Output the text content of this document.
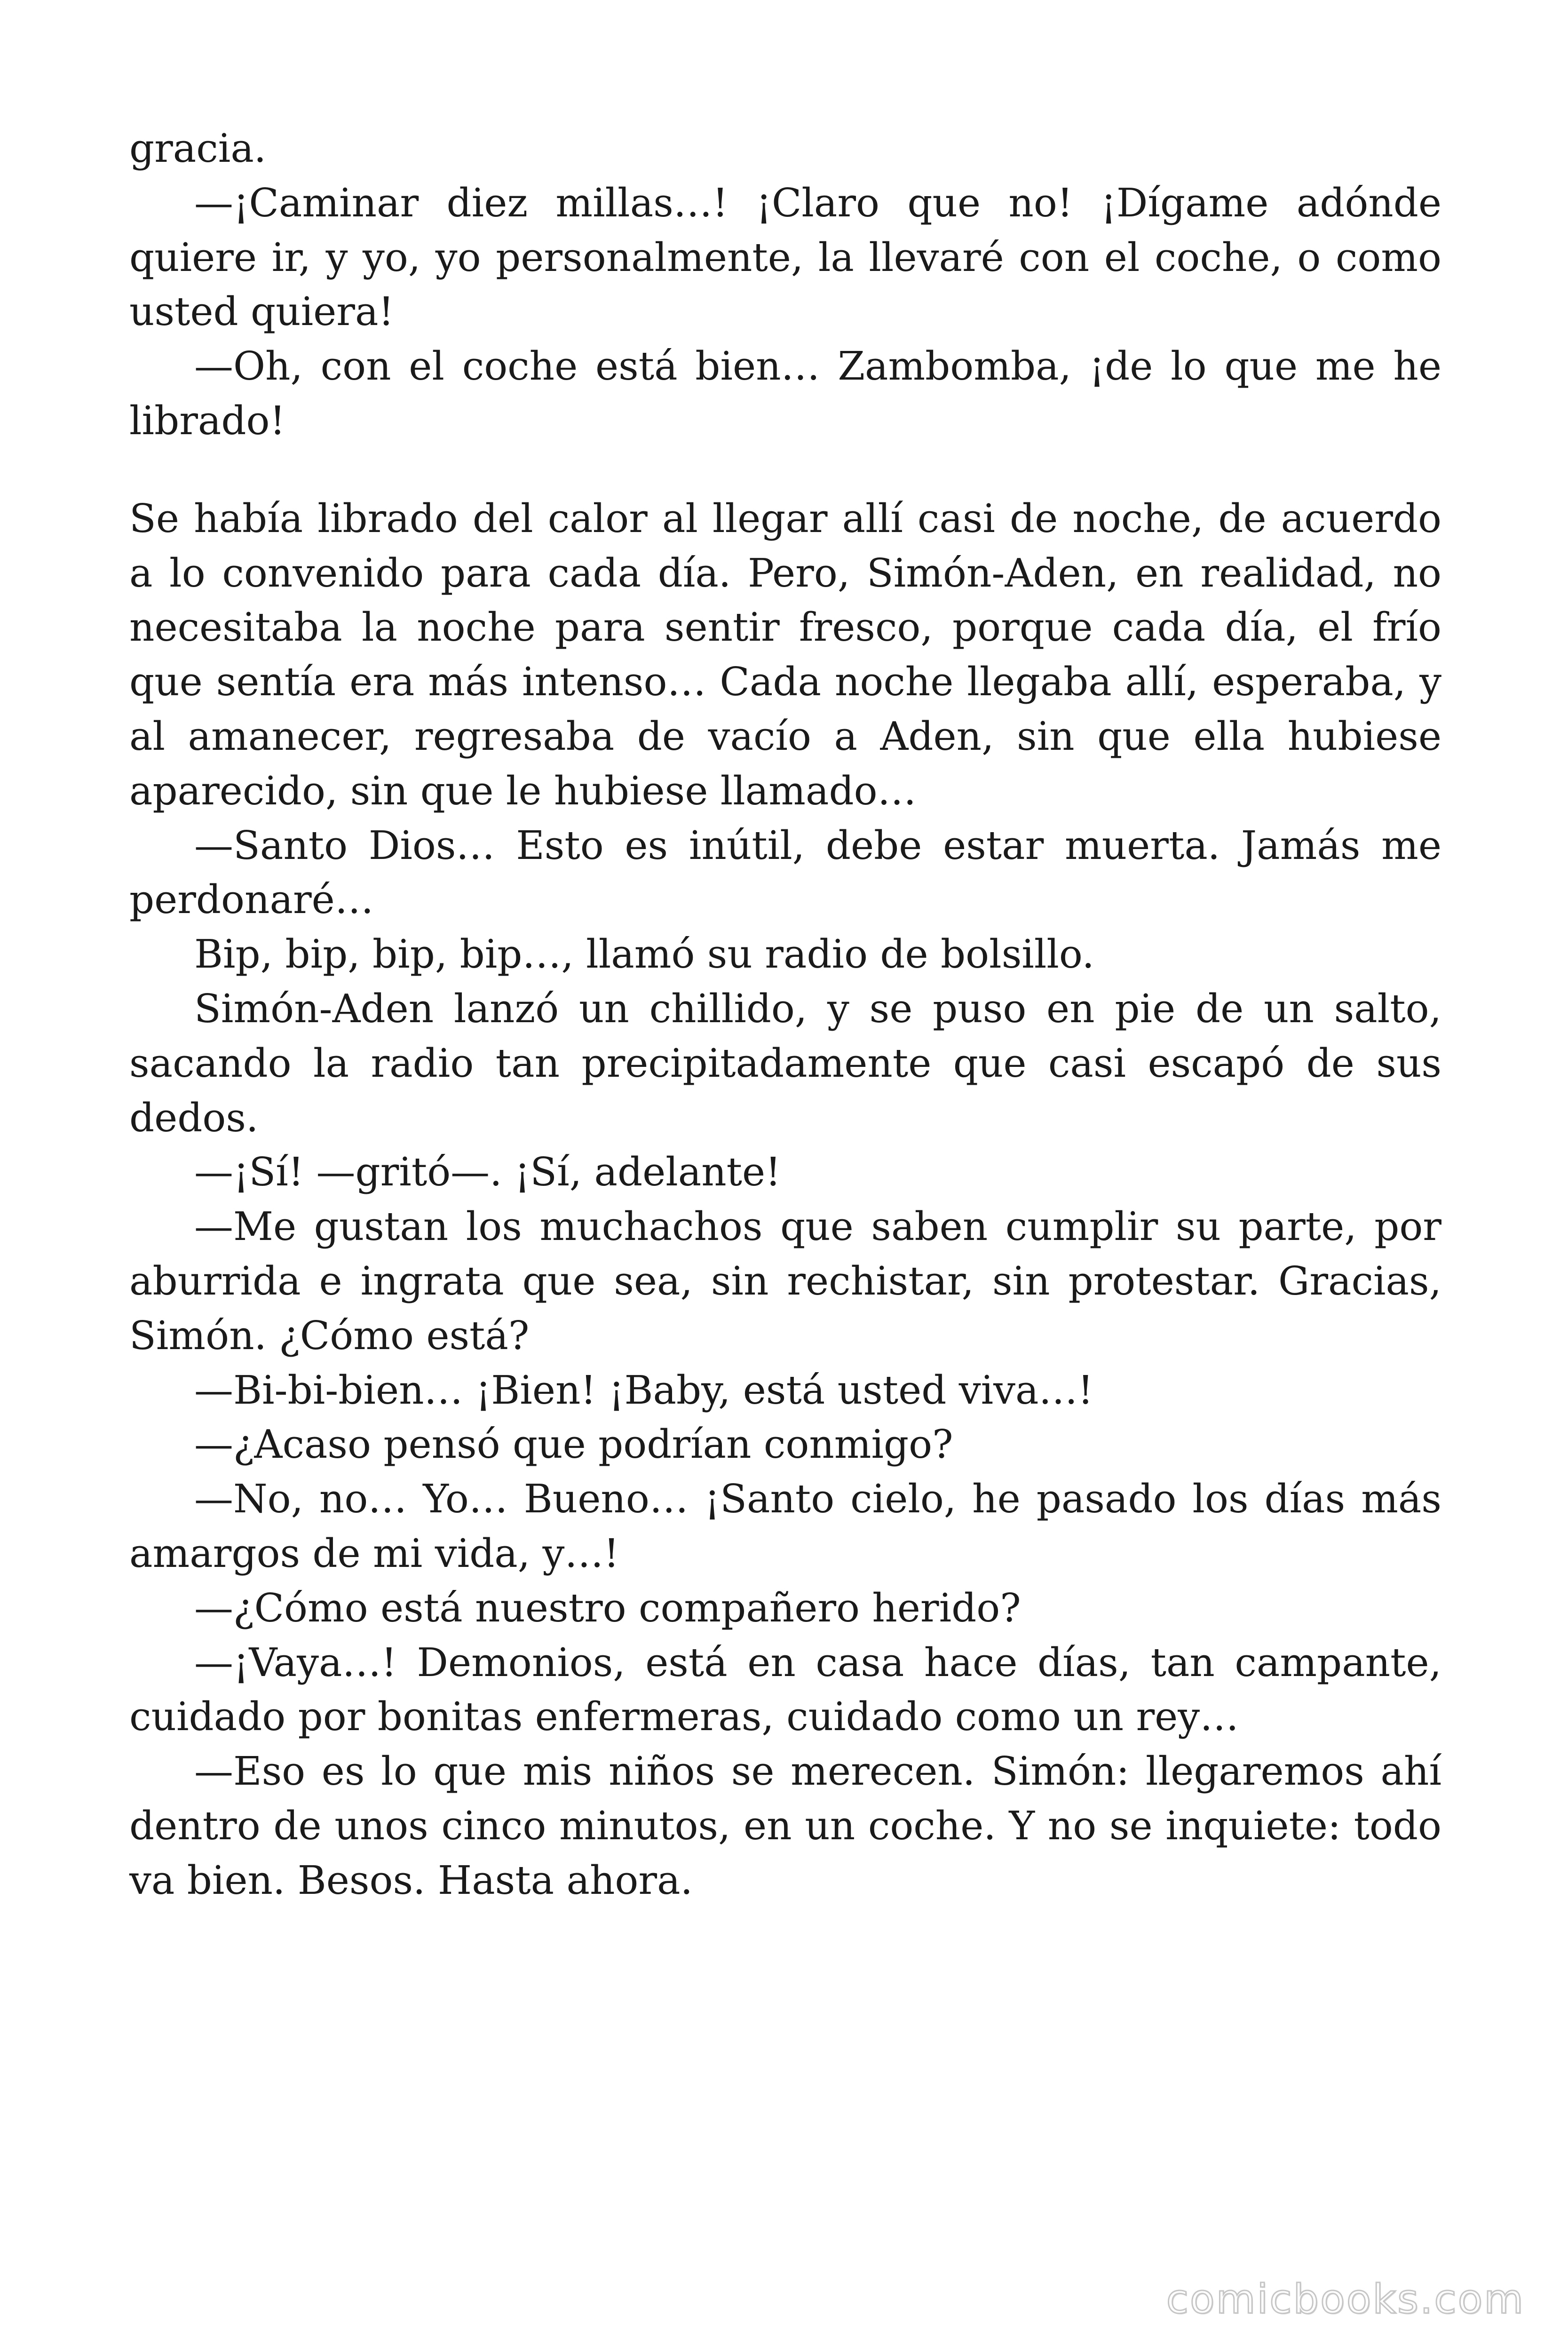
gracia.

—¡Caminar diez millas…! ¡Claro que no! ¡Dígame adónde quiere ir, y yo, yo personalmente, la llevaré con el coche, o como usted quiera!

—Oh, con el coche está bien… Zambomba, ¡de lo que me he librado!

Se había librado del calor al llegar allí casi de noche, de acuerdo a lo convenido para cada día. Pero, Simón-Aden, en realidad, no necesitaba la noche para sentir fresco, porque cada día, el frío que sentía era más intenso… Cada noche llegaba allí, esperaba, y al amanecer, regresaba de vacío a Aden, sin que ella hubiese aparecido, sin que le hubiese llamado…

—Santo Dios… Esto es inútil, debe estar muerta. Jamás me perdonaré…

Bip, bip, bip, bip…, llamó su radio de bolsillo.

Simón-Aden lanzó un chillido, y se puso en pie de un salto, sacando la radio tan precipitadamente que casi escapó de sus dedos.

—¡Sí! —gritó—. ¡Sí, adelante!

—Me gustan los muchachos que saben cumplir su parte, por aburrida e ingrata que sea, sin rechistar, sin protestar. Gracias, Simón. ¿Cómo está?

—Bi-bi-bien… ¡Bien! ¡Baby, está usted viva…!

—¿Acaso pensó que podrían conmigo?

—No, no… Yo… Bueno… ¡Santo cielo, he pasado los días más amargos de mi vida, y…!

—¿Cómo está nuestro compañero herido?

—¡Vaya…! Demonios, está en casa hace días, tan campante, cuidado por bonitas enfermeras, cuidado como un rey…

—Eso es lo que mis niños se merecen. Simón: llegaremos ahí dentro de unos cinco minutos, en un coche. Y no se inquiete: todo va bien. Besos. Hasta ahora.

comicbooks.com
